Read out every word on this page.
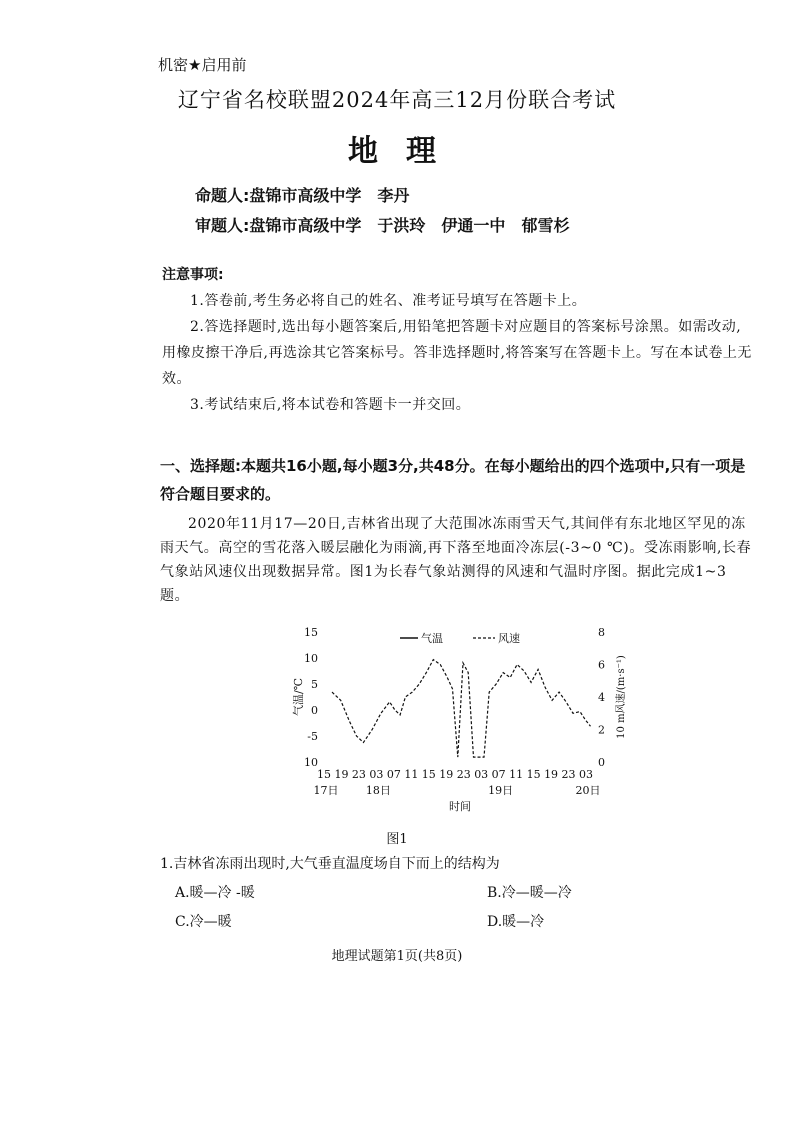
机密★启用前
辽宁省名校联盟2024年高三12月份联合考试
地理
命题人:盘锦市高级中学 李丹
审题人:盘锦市高级中学 于洪玲 伊通一中 郁雪杉
注意事项:
1.答卷前,考生务必将自己的姓名、准考证号填写在答题卡上。
2.答选择题时,选出每小题答案后,用铅笔把答题卡对应题目的答案标号涂黑。如需改动,用橡皮擦干净后,再选涂其它答案标号。答非选择题时,将答案写在答题卡上。写在本试卷上无效。
3.考试结束后,将本试卷和答题卡一并交回。
一、选择题:本题共16小题,每小题3分,共48分。在每小题给出的四个选项中,只有一项是符合题目要求的。
2020年11月17—20日,吉林省出现了大范围冰冻雨雪天气,其间伴有东北地区罕见的冻雨天气。高空的雪花落入暖层融化为雨滴,再下落至地面冷冻层(-3~0 ℃)。受冻雨影响,长春气象站风速仪出现数据异常。图1为长春气象站测得的风速和气温时序图。据此完成1~3题。
15
10
5
0
-5
10
8
6
4
2
0
气温/℃	10 m风速/(m·s⁻¹)
15 19 23 03 07 11 15 19 23 03 07 11 15 19 23 03
17日 18日	19日	20日
时间
气温	风速
图1
1.吉林省冻雨出现时,大气垂直温度场自下而上的结构为
A.暖—冷 -暖	B.冷—暖—冷
C.冷—暖	D.暖—冷
地理试题第1页(共8页)
